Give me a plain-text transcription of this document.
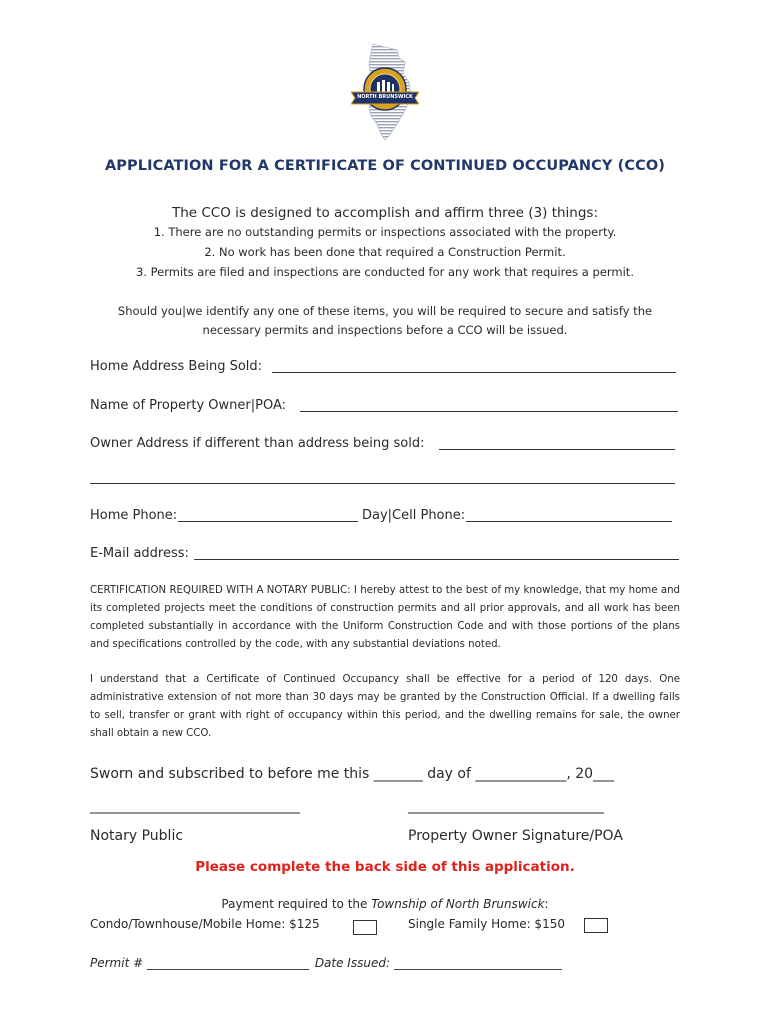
NORTH BRUNSWICK
APPLICATION FOR A CERTIFICATE OF CONTINUED OCCUPANCY (CCO)
The CCO is designed to accomplish and affirm three (3) things:
1. There are no outstanding permits or inspections associated with the property.
2. No work has been done that required a Construction Permit.
3. Permits are filed and inspections are conducted for any work that requires a permit.
Should you|we identify any one of these items, you will be required to secure and satisfy the
necessary permits and inspections before a CCO will be issued.
Home Address Being Sold:
Name of Property Owner|POA:
Owner Address if different than address being sold:
Home Phone:	Day|Cell Phone:
E-Mail address:
CERTIFICATION REQUIRED WITH A NOTARY PUBLIC: I hereby attest to the best of my knowledge, that my home and its completed projects meet the conditions of construction permits and all prior approvals, and all work has been completed substantially in accordance with the Uniform Construction Code and with those portions of the plans and specifications controlled by the code, with any substantial deviations noted.
I understand that a Certificate of Continued Occupancy shall be effective for a period of 120 days. One administrative extension of not more than 30 days may be granted by the Construction Official. If a dwelling fails to sell, transfer or grant with right of occupancy within this period, and the dwelling remains for sale, the owner shall obtain a new CCO.
Sworn and subscribed to before me this _______ day of _____________, 20___
______________________________	____________________________
Notary Public	Property Owner Signature/POA
Please complete the back side of this application.
Payment required to the Township of North Brunswick:
Condo/Townhouse/Mobile Home: $125	Single Family Home: $150
Permit # ___________________________ Date Issued: ____________________________
